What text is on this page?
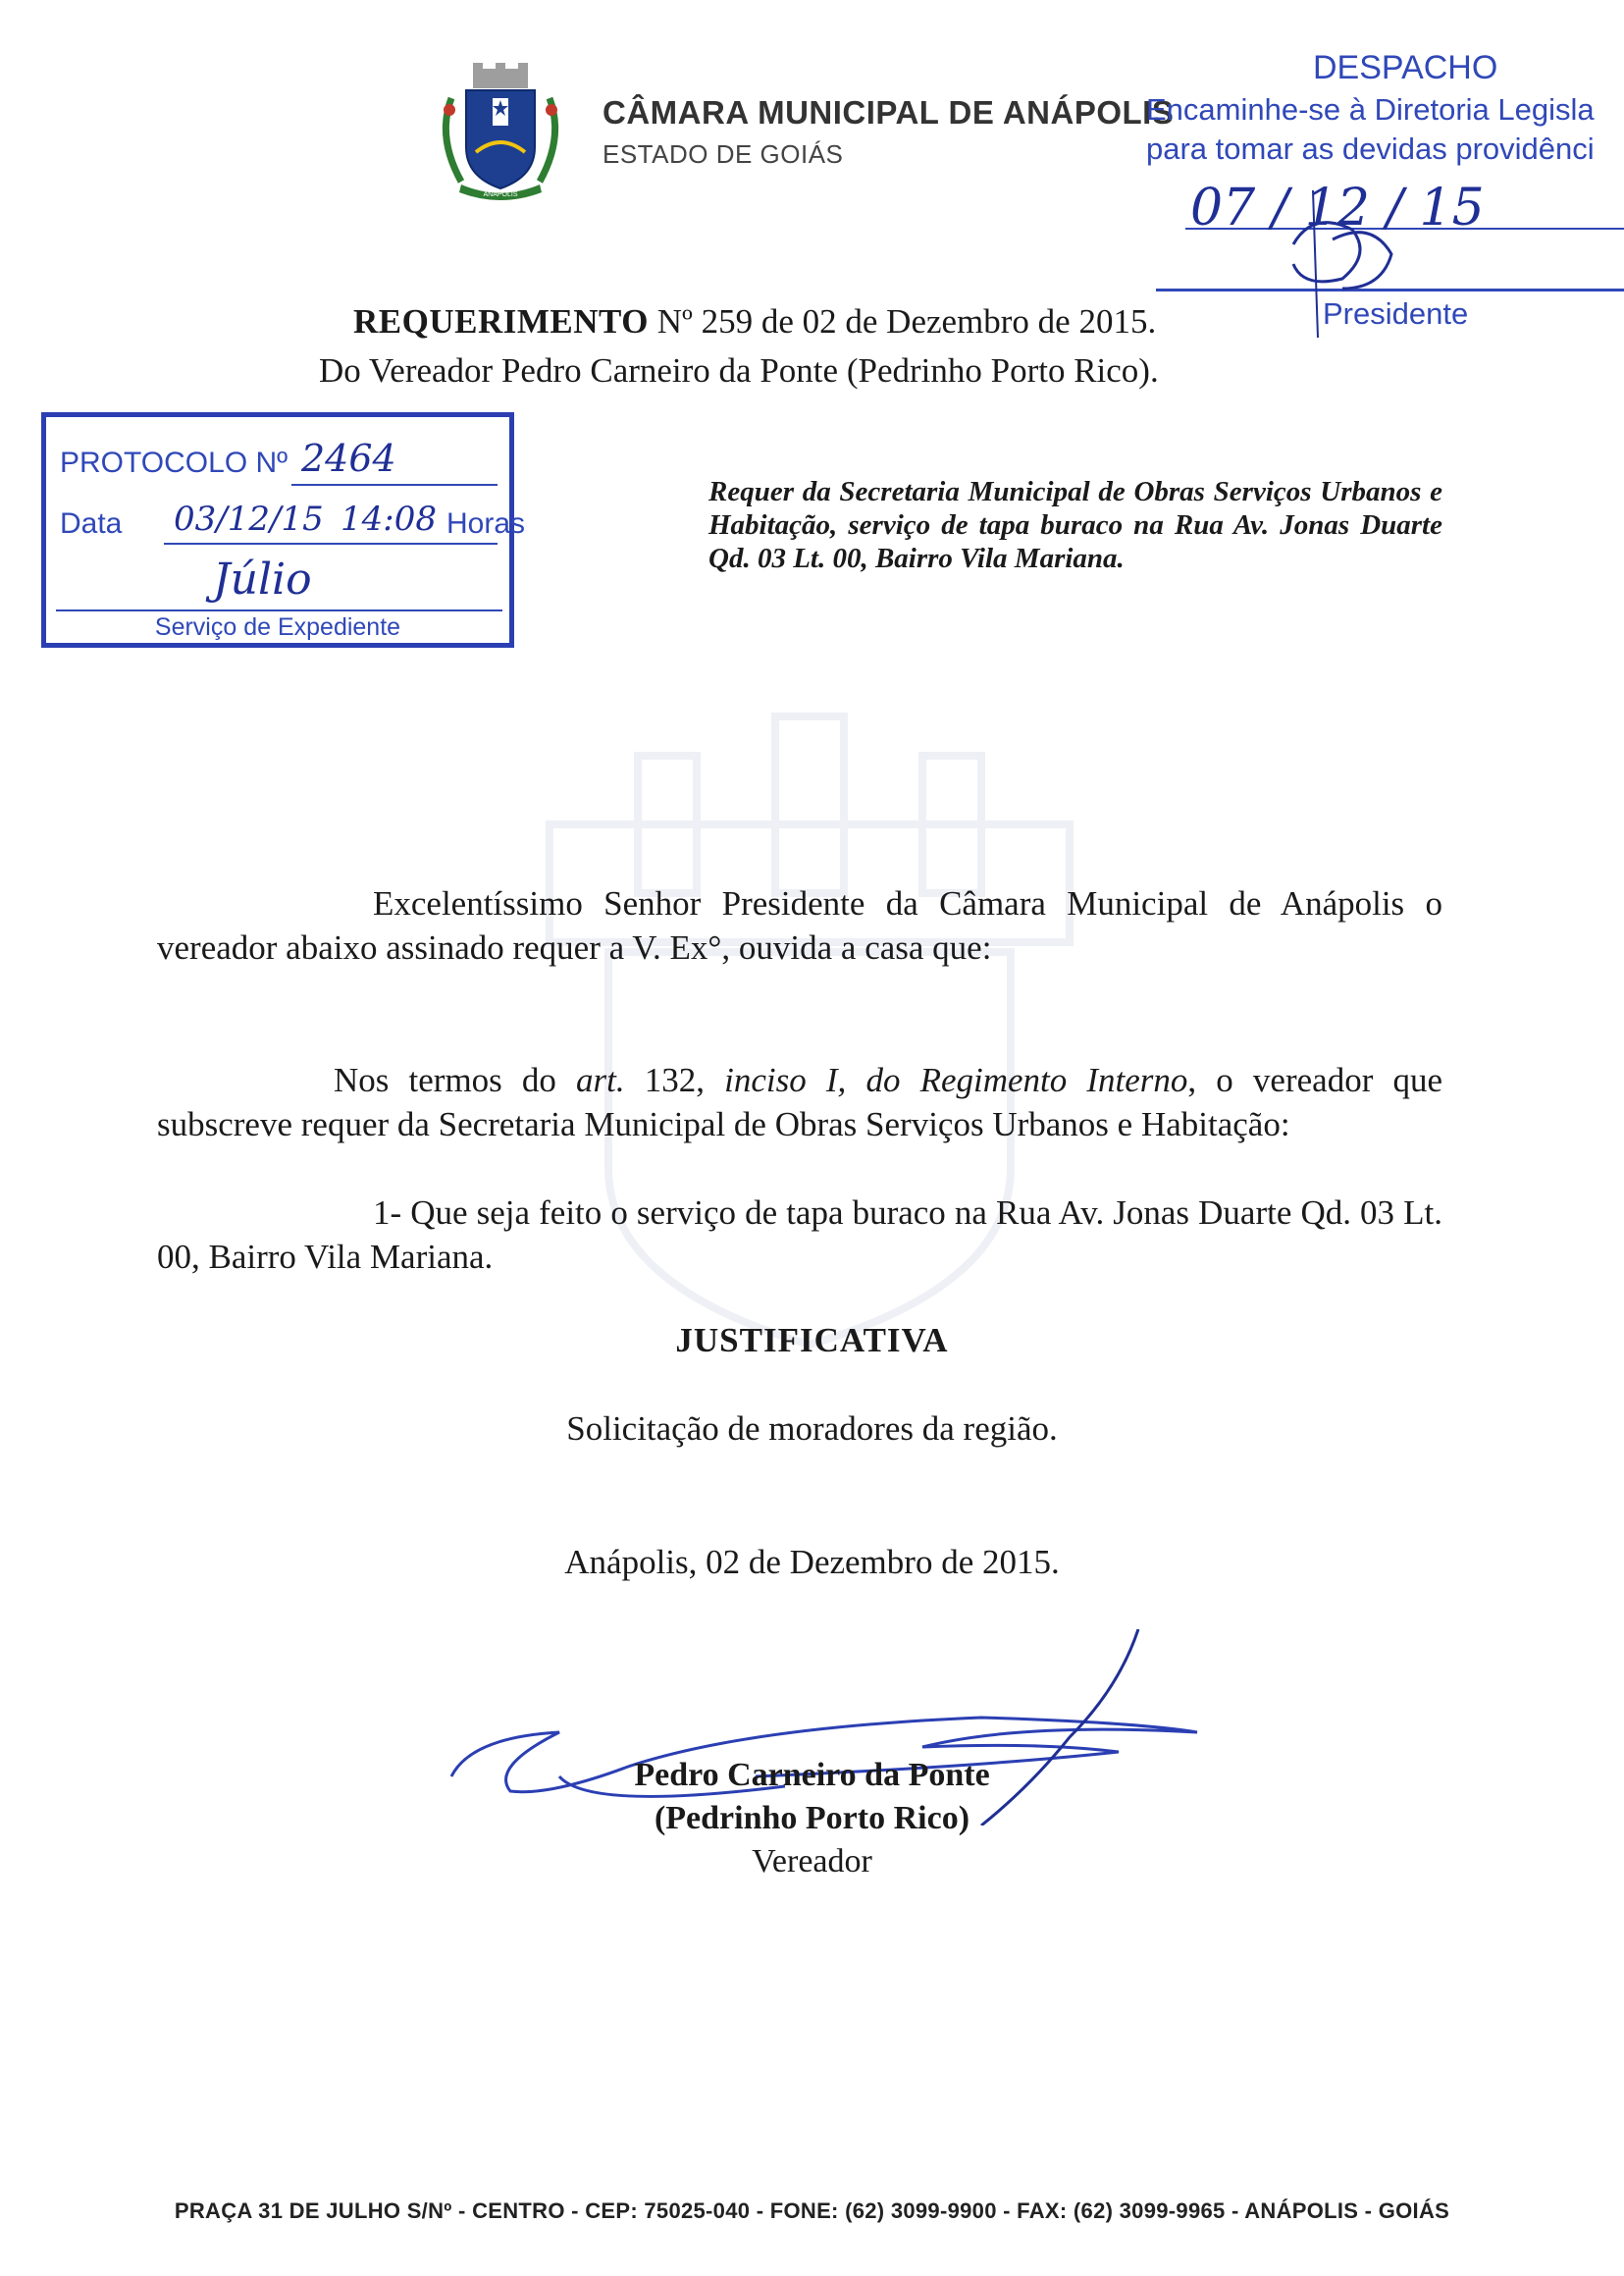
ANÁPOLIS
CÂMARA MUNICIPAL DE ANÁPOLIS
ESTADO DE GOIÁS
DESPACHO
Encaminhe-se à Diretoria Legisla
para tomar as devidas providênci
Presidente
07 / 12 / 15
REQUERIMENTO Nº 259 de 02 de Dezembro de 2015.
Do Vereador Pedro Carneiro da Ponte (Pedrinho Porto Rico).
PROTOCOLO Nº 2464
Data 03/12/15 14:08 Horas
Júlio
Serviço de Expediente
Requer da Secretaria Municipal de Obras Serviços Urbanos e Habitação, serviço de tapa buraco na Rua Av. Jonas Duarte Qd. 03 Lt. 00, Bairro Vila Mariana.
Excelentíssimo Senhor Presidente da Câmara Municipal de Anápolis o vereador abaixo assinado requer a V. Ex°, ouvida a casa que:
Nos termos do art. 132, inciso I, do Regimento Interno, o vereador que subscreve requer da Secretaria Municipal de Obras Serviços Urbanos e Habitação:
1- Que seja feito o serviço de tapa buraco na Rua Av. Jonas Duarte Qd. 03 Lt. 00, Bairro Vila Mariana.
JUSTIFICATIVA
Solicitação de moradores da região.
Anápolis, 02 de Dezembro de 2015.
Pedro Carneiro da Ponte
(Pedrinho Porto Rico)
Vereador
PRAÇA 31 DE JULHO S/Nº - CENTRO - CEP: 75025-040 - FONE: (62) 3099-9900 - FAX: (62) 3099-9965 - ANÁPOLIS - GOIÁS
